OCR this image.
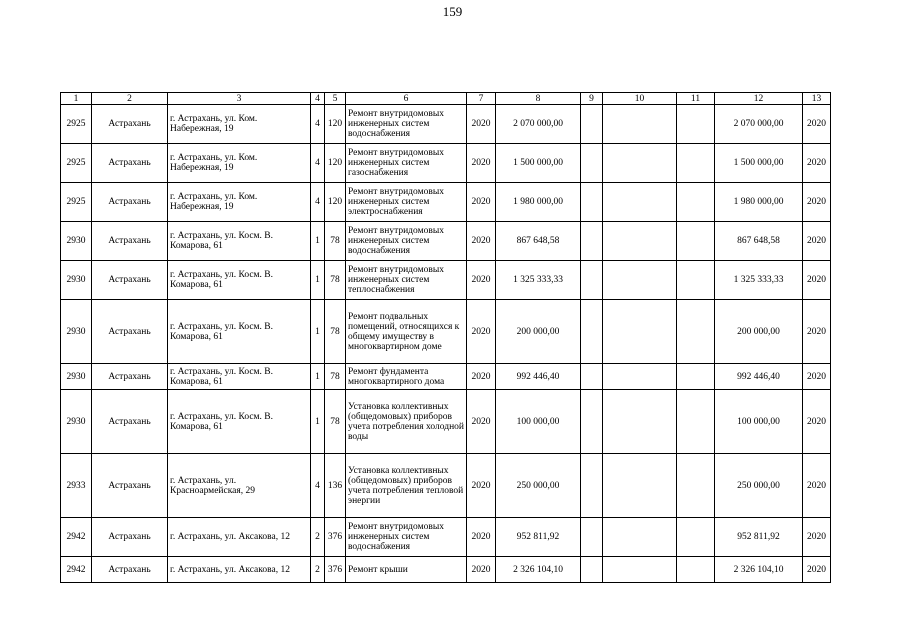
159
1	2	3	4	5	6	7	8	9	10	11	12	13
2925	Астрахань	г. Астрахань, ул. Ком. Набережная, 19	4	120	Ремонт внутридомовых инженерных систем водоснабжения	2020	2 070 000,00				2 070 000,00	2020
2925	Астрахань	г. Астрахань, ул. Ком. Набережная, 19	4	120	Ремонт внутридомовых инженерных систем газоснабжения	2020	1 500 000,00				1 500 000,00	2020
2925	Астрахань	г. Астрахань, ул. Ком. Набережная, 19	4	120	Ремонт внутридомовых инженерных систем электроснабжения	2020	1 980 000,00				1 980 000,00	2020
2930	Астрахань	г. Астрахань, ул. Косм. В. Комарова, 61	1	78	Ремонт внутридомовых инженерных систем водоснабжения	2020	867 648,58				867 648,58	2020
2930	Астрахань	г. Астрахань, ул. Косм. В. Комарова, 61	1	78	Ремонт внутридомовых инженерных систем теплоснабжения	2020	1 325 333,33				1 325 333,33	2020
2930	Астрахань	г. Астрахань, ул. Косм. В. Комарова, 61	1	78	Ремонт подвальных помещений, относящихся к общему имуществу в многоквартирном доме	2020	200 000,00				200 000,00	2020
2930	Астрахань	г. Астрахань, ул. Косм. В. Комарова, 61	1	78	Ремонт фундамента многоквартирного дома	2020	992 446,40				992 446,40	2020
2930	Астрахань	г. Астрахань, ул. Косм. В. Комарова, 61	1	78	Установка коллективных (общедомовых) приборов учета потребления холодной воды	2020	100 000,00				100 000,00	2020
2933	Астрахань	г. Астрахань, ул. Красноармейская, 29	4	136	Установка коллективных (общедомовых) приборов учета потребления тепловой энергии	2020	250 000,00				250 000,00	2020
2942	Астрахань	г. Астрахань, ул. Аксакова, 12	2	376	Ремонт внутридомовых инженерных систем водоснабжения	2020	952 811,92				952 811,92	2020
2942	Астрахань	г. Астрахань, ул. Аксакова, 12	2	376	Ремонт крыши	2020	2 326 104,10				2 326 104,10	2020
